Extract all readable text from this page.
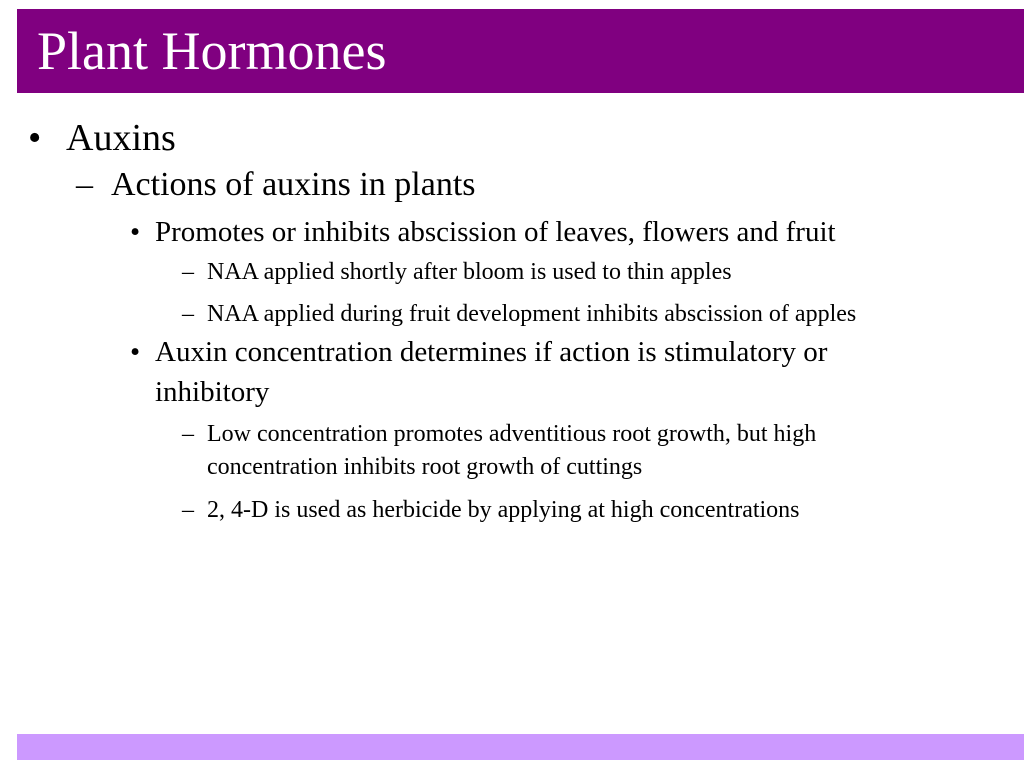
Plant Hormones
• Auxins
– Actions of auxins in plants
• Promotes or inhibits abscission of leaves, flowers and fruit
– NAA applied shortly after bloom is used to thin apples
– NAA applied during fruit development inhibits abscission of apples
• Auxin concentration determines if action is stimulatory or
inhibitory
– Low concentration promotes adventitious root growth, but high
concentration inhibits root growth of cuttings
– 2, 4-D is used as herbicide by applying at high concentrations
